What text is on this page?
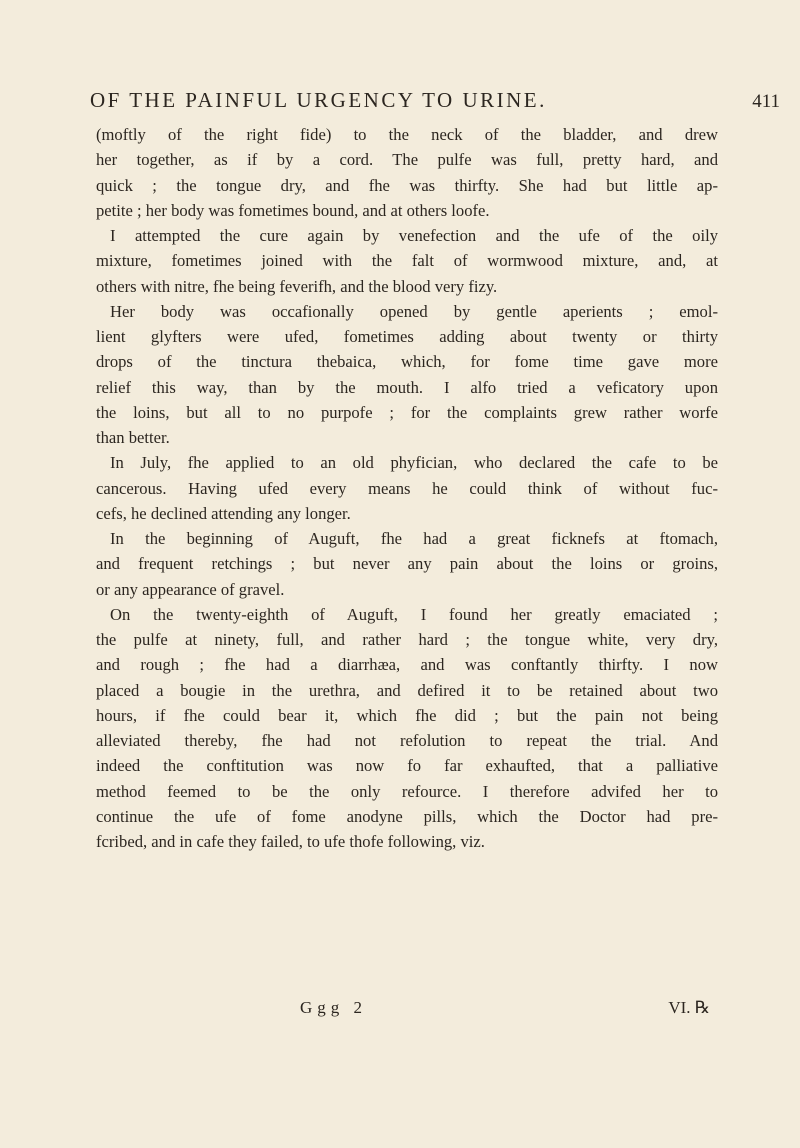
OF THE PAINFUL URGENCY TO URINE.	411
(moftly of the right fide) to the neck of the bladder, and drew
her together, as if by a cord. The pulfe was full, pretty hard, and
quick ; the tongue dry, and fhe was thirfty. She had but little ap-
petite ; her body was fometimes bound, and at others loofe.
I attempted the cure again by venefection and the ufe of the oily
mixture, fometimes joined with the falt of wormwood mixture, and, at
others with nitre, fhe being feverifh, and the blood very fizy.
Her body was occafionally opened by gentle aperients ; emol-
lient glyfters were ufed, fometimes adding about twenty or thirty
drops of the tinctura thebaica, which, for fome time gave more
relief this way, than by the mouth. I alfo tried a veficatory upon
the loins, but all to no purpofe ; for the complaints grew rather worfe
than better.
In July, fhe applied to an old phyfician, who declared the cafe to be
cancerous. Having ufed every means he could think of without fuc-
cefs, he declined attending any longer.
In the beginning of Auguft, fhe had a great ficknefs at ftomach,
and frequent retchings ; but never any pain about the loins or groins,
or any appearance of gravel.
On the twenty-eighth of Auguft, I found her greatly emaciated ;
the pulfe at ninety, full, and rather hard ; the tongue white, very dry,
and rough ; fhe had a diarrhæa, and was conftantly thirfty. I now
placed a bougie in the urethra, and defired it to be retained about two
hours, if fhe could bear it, which fhe did ; but the pain not being
alleviated thereby, fhe had not refolution to repeat the trial. And
indeed the conftitution was now fo far exhaufted, that a palliative
method feemed to be the only refource. I therefore advifed her to
continue the ufe of fome anodyne pills, which the Doctor had pre-
fcribed, and in cafe they failed, to ufe thofe following, viz.
Ggg 2	VI. ℞
